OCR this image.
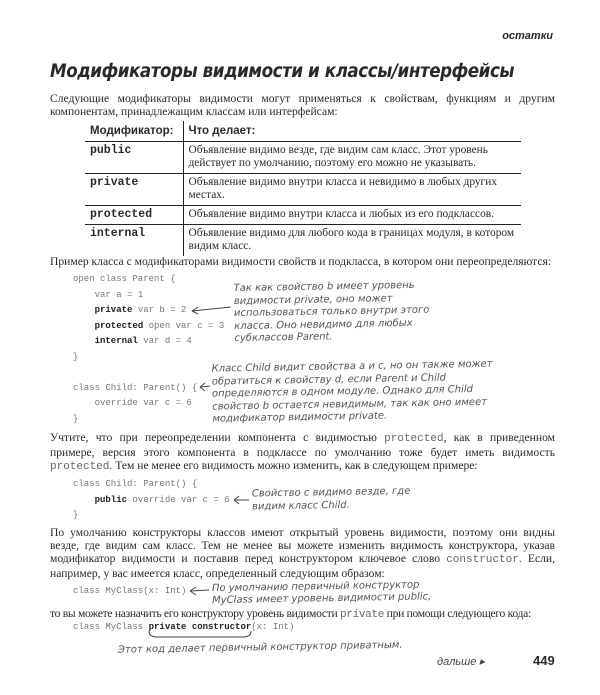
остатки
Модификаторы видимости и классы/интерфейсы
Следующие модификаторы видимости могут применяться к свойствам, функциям и другим компонентам, принадлежащим классам или интерфейсам:
Модификатор:	Что делает:
public	Объявление видимо везде, где видим сам класс. Этот уровень действует по умолчанию, поэтому его можно не указывать.
private	Объявление видимо внутри класса и невидимо в любых других местах.
protected	Объявление видимо внутри класса и любых из его подклассов.
internal	Объявление видимо для любого кода в границах модуля, в котором видим класс.
Пример класса с модификаторами видимости свойств и подкласса, в котором они переопределяются:
open class Parent {
var a = 1
private var b = 2
protected open var c = 3
internal var d = 4
}

class Child: Parent() {
override var c = 6
}
Так как свойство b имеет уровень видимости private, оно может использоваться только внутри этого класса. Оно невидимо для любых субклассов Parent.
Класс Child видит свойства a и c, но он также может обратиться к свойству d, если Parent и Child определяются в одном модуле. Однако для Child свойство b остается невидимым, так как оно имеет модификатор видимости private.
Учтите, что при переопределении компонента с видимостью protected, как в приведенном примере, версия этого компонента в подклассе по умолчанию тоже будет иметь видимость protected. Тем не менее его видимость можно изменить, как в следующем примере:
class Child: Parent() {
public override var c = 6
}
Свойство c видимо везде, где видим класс Child.
По умолчанию конструкторы классов имеют открытый уровень видимости, поэтому они видны везде, где видим сам класс. Тем не менее вы можете изменить видимость конструктора, указав модификатор видимости и поставив перед конструктором ключевое слово constructor. Если, например, у вас имеется класс, определенный следующим образом:
class MyClass(x: Int)	По умолчанию первичный конструктор MyClass имеет уровень видимости public,
то вы можете назначить его конструктору уровень видимости private при помощи следующего кода:
class MyClass private constructor(x: Int)
Этот код делает первичный конструктор приватным.
дальше ▸	449
